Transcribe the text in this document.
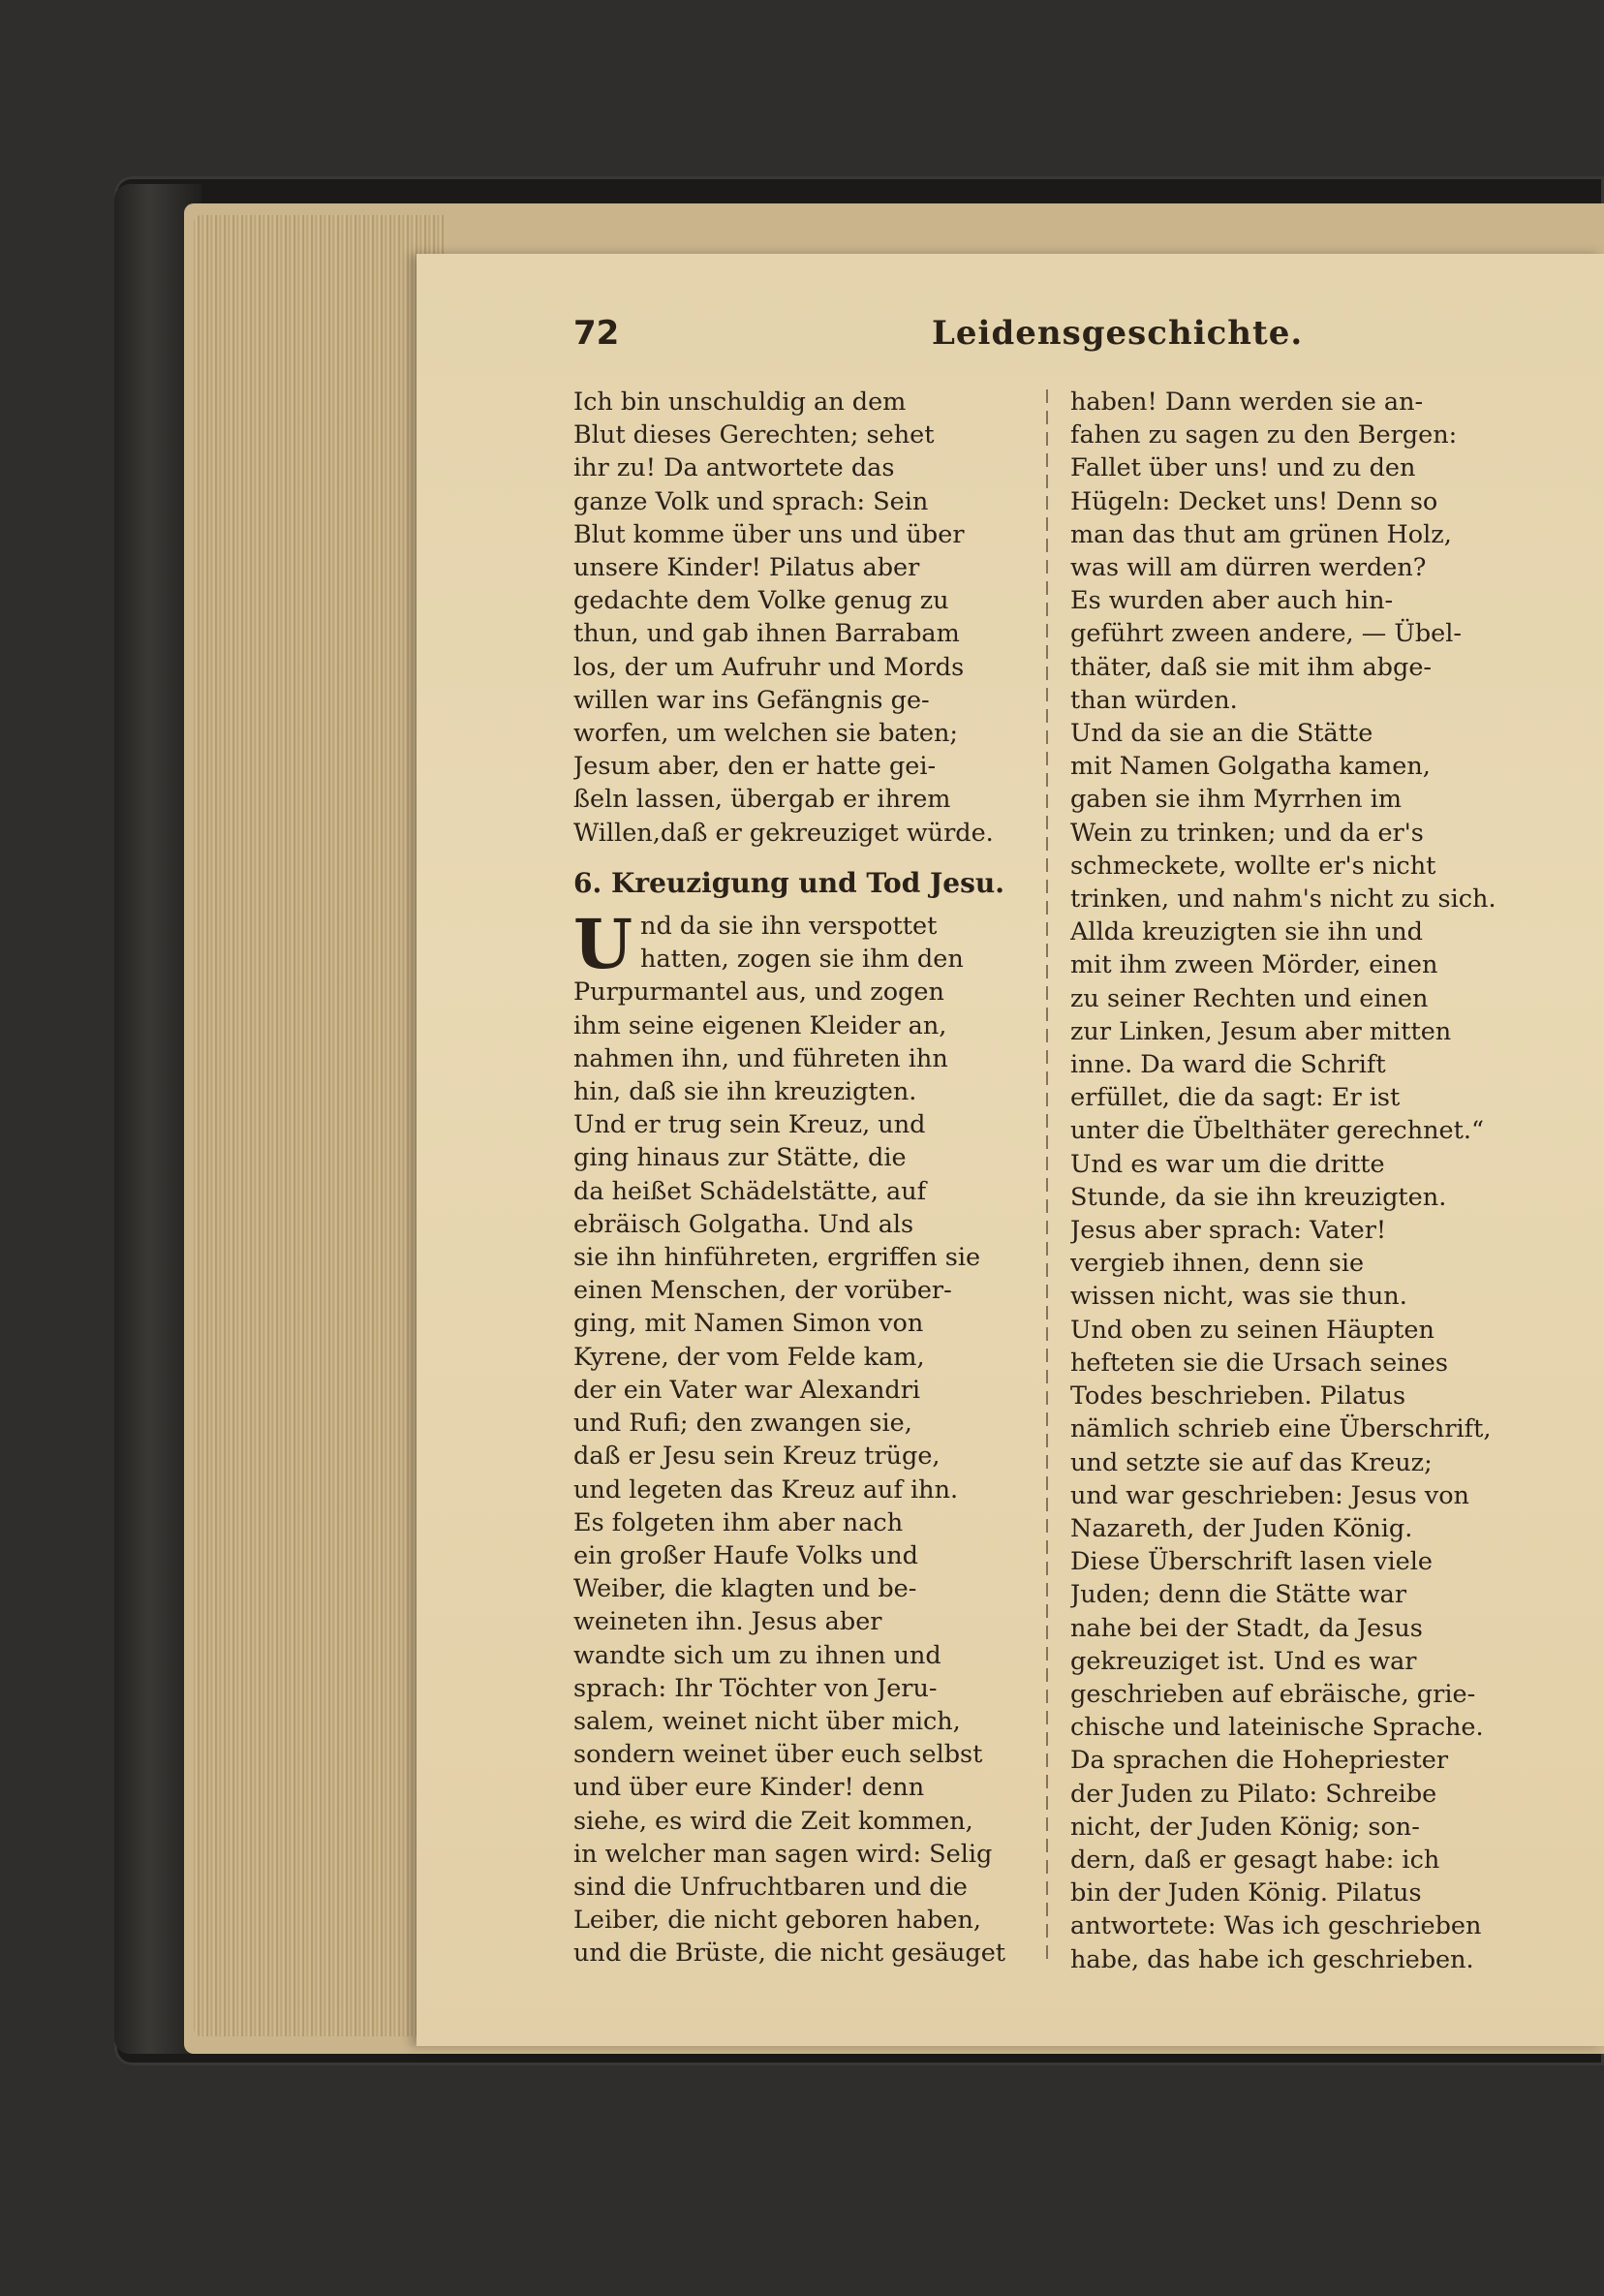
72	Leidensgeschichte.
Ich bin unschuldig an dem
Blut dieses Gerechten; sehet
ihr zu! Da antwortete das
ganze Volk und sprach: Sein
Blut komme über uns und über
unsere Kinder! Pilatus aber
gedachte dem Volke genug zu
thun, und gab ihnen Barrabam
los, der um Aufruhr und Mords
willen war ins Gefängnis ge-
worfen, um welchen sie baten;
Jesum aber, den er hatte gei-
ßeln lassen, übergab er ihrem
Willen,daß er gekreuziget würde.
6. Kreuzigung und Tod Jesu.
U nd da sie ihn verspottet
hatten, zogen sie ihm den
Purpurmantel aus, und zogen
ihm seine eigenen Kleider an,
nahmen ihn, und führeten ihn
hin, daß sie ihn kreuzigten.
Und er trug sein Kreuz, und
ging hinaus zur Stätte, die
da heißet Schädelstätte, auf
ebräisch Golgatha. Und als
sie ihn hinführeten, ergriffen sie
einen Menschen, der vorüber-
ging, mit Namen Simon von
Kyrene, der vom Felde kam,
der ein Vater war Alexandri
und Rufi; den zwangen sie,
daß er Jesu sein Kreuz trüge,
und legeten das Kreuz auf ihn.
Es folgeten ihm aber nach
ein großer Haufe Volks und
Weiber, die klagten und be-
weineten ihn. Jesus aber
wandte sich um zu ihnen und
sprach: Ihr Töchter von Jeru-
salem, weinet nicht über mich,
sondern weinet über euch selbst
und über eure Kinder! denn
siehe, es wird die Zeit kommen,
in welcher man sagen wird: Selig
sind die Unfruchtbaren und die
Leiber, die nicht geboren haben,
und die Brüste, die nicht gesäuget
haben! Dann werden sie an-
fahen zu sagen zu den Bergen:
Fallet über uns! und zu den
Hügeln: Decket uns! Denn so
man das thut am grünen Holz,
was will am dürren werden?
Es wurden aber auch hin-
geführt zween andere, — Übel-
thäter, daß sie mit ihm abge-
than würden.
Und da sie an die Stätte
mit Namen Golgatha kamen,
gaben sie ihm Myrrhen im
Wein zu trinken; und da er's
schmeckete, wollte er's nicht
trinken, und nahm's nicht zu sich.
Allda kreuzigten sie ihn und
mit ihm zween Mörder, einen
zu seiner Rechten und einen
zur Linken, Jesum aber mitten
inne. Da ward die Schrift
erfüllet, die da sagt: Er ist
unter die Übelthäter gerechnet.“
Und es war um die dritte
Stunde, da sie ihn kreuzigten.
Jesus aber sprach: Vater!
vergieb ihnen, denn sie
wissen nicht, was sie thun.
Und oben zu seinen Häupten
hefteten sie die Ursach seines
Todes beschrieben. Pilatus
nämlich schrieb eine Überschrift,
und setzte sie auf das Kreuz;
und war geschrieben: Jesus von
Nazareth, der Juden König.
Diese Überschrift lasen viele
Juden; denn die Stätte war
nahe bei der Stadt, da Jesus
gekreuziget ist. Und es war
geschrieben auf ebräische, grie-
chische und lateinische Sprache.
Da sprachen die Hohepriester
der Juden zu Pilato: Schreibe
nicht, der Juden König; son-
dern, daß er gesagt habe: ich
bin der Juden König. Pilatus
antwortete: Was ich geschrieben
habe, das habe ich geschrieben.
